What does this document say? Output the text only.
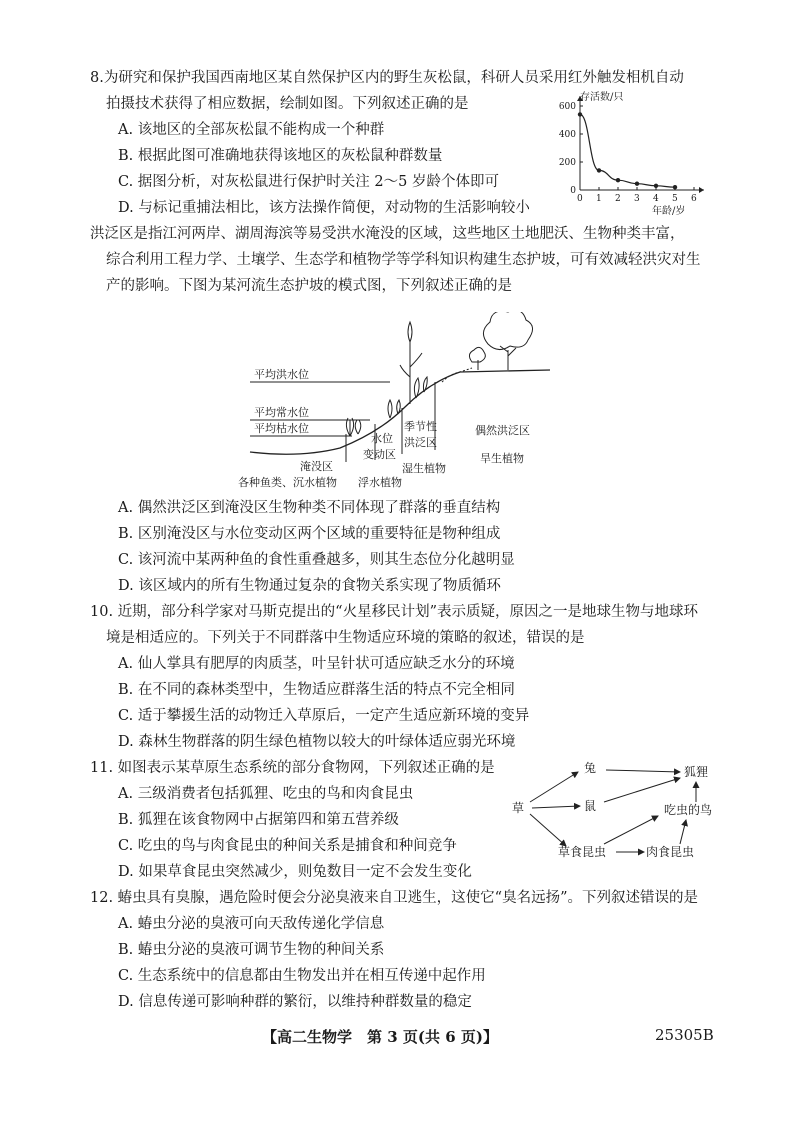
8.为研究和保护我国西南地区某自然保护区内的野生灰松鼠，科研人员采用红外触发相机自动
拍摄技术获得了相应数据，绘制如图。下列叙述正确的是
A. 该地区的全部灰松鼠不能构成一个种群
B. 根据此图可准确地获得该地区的灰松鼠种群数量
C. 据图分析，对灰松鼠进行保护时关注 2～5 岁龄个体即可
D. 与标记重捕法相比，该方法操作简便，对动物的生活影响较小
0 1 2 3 4 5 6
0
200
400
600
存活数/只
年龄/岁
洪泛区是指江河两岸、湖周海滨等易受洪水淹没的区域，这些地区土地肥沃、生物种类丰富，
综合利用工程力学、土壤学、生态学和植物学等学科知识构建生态护坡，可有效减轻洪灾对生
产的影响。下图为某河流生态护坡的模式图，下列叙述正确的是
平均洪水位
平均常水位
平均枯水位
淹没区
水位
变动区
季节性
洪泛区
偶然洪泛区
旱生植物
湿生植物
浮水植物
各种鱼类、沉水植物
A. 偶然洪泛区到淹没区生物种类不同体现了群落的垂直结构
B. 区别淹没区与水位变动区两个区域的重要特征是物种组成
C. 该河流中某两种鱼的食性重叠越多，则其生态位分化越明显
D. 该区域内的所有生物通过复杂的食物关系实现了物质循环
10. 近期，部分科学家对马斯克提出的“火星移民计划”表示质疑，原因之一是地球生物与地球环
境是相适应的。下列关于不同群落中生物适应环境的策略的叙述，错误的是
A. 仙人掌具有肥厚的肉质茎，叶呈针状可适应缺乏水分的环境
B. 在不同的森林类型中，生物适应群落生活的特点不完全相同
C. 适于攀援生活的动物迁入草原后，一定产生适应新环境的变异
D. 森林生物群落的阴生绿色植物以较大的叶绿体适应弱光环境
11. 如图表示某草原生态系统的部分食物网，下列叙述正确的是
A. 三级消费者包括狐狸、吃虫的鸟和肉食昆虫
B. 狐狸在该食物网中占据第四和第五营养级
C. 吃虫的鸟与肉食昆虫的种间关系是捕食和种间竞争
D. 如果草食昆虫突然减少，则兔数目一定不会发生变化
草
兔
鼠
草食昆虫
狐狸
吃虫的鸟
肉食昆虫
12. 蝽虫具有臭腺，遇危险时便会分泌臭液来自卫逃生，这使它“臭名远扬”。下列叙述错误的是
A. 蝽虫分泌的臭液可向天敌传递化学信息
B. 蝽虫分泌的臭液可调节生物的种间关系
C. 生态系统中的信息都由生物发出并在相互传递中起作用
D. 信息传递可影响种群的繁衍，以维持种群数量的稳定
【高二生物学　第 3 页(共 6 页)】	25305B
